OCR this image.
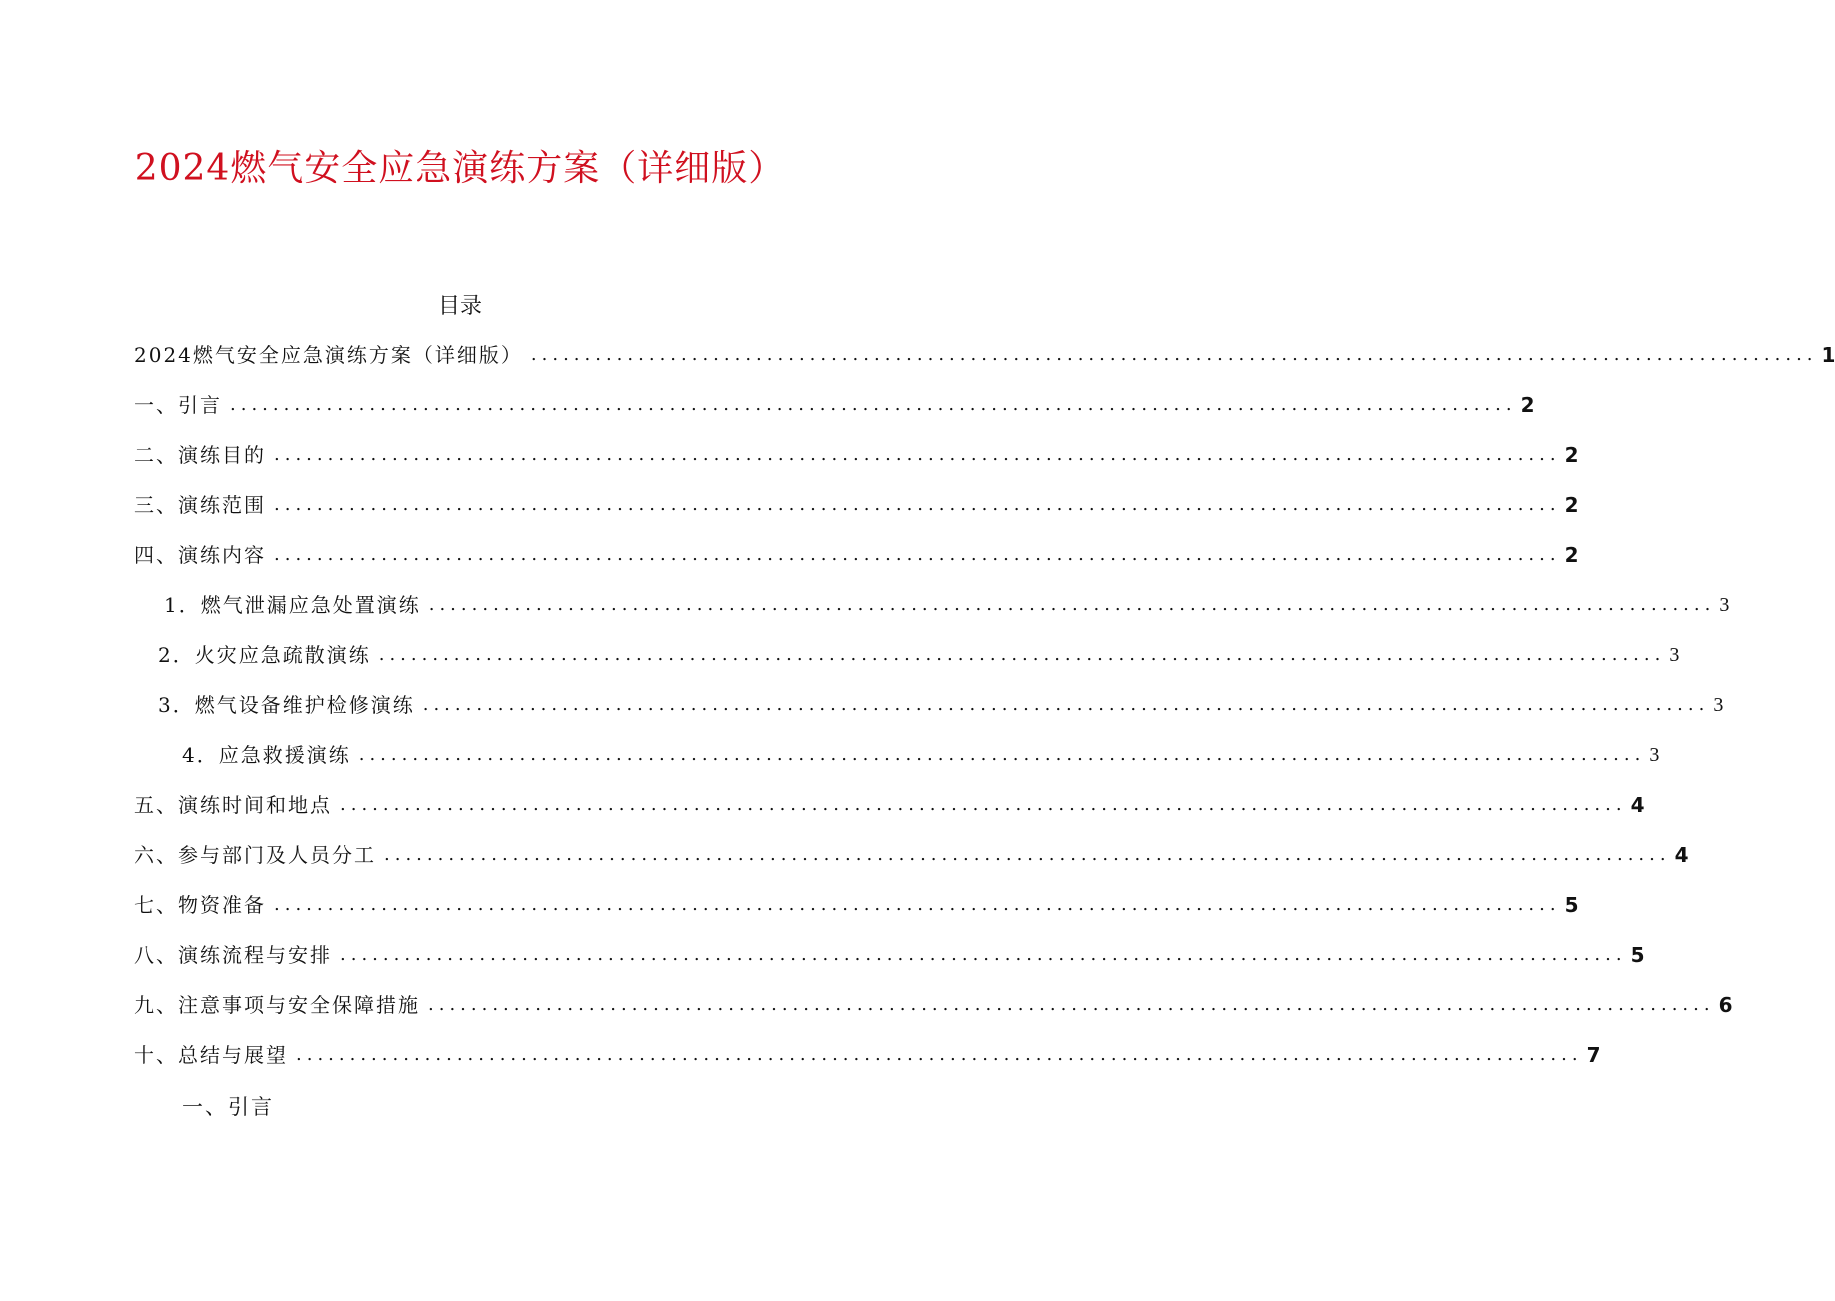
2024燃气安全应急演练方案（详细版）
目录
2024燃气安全应急演练方案（详细版） ........................................................................................................................ 1
一、引言 ........................................................................................................................ 2
二、演练目的 ........................................................................................................................ 2
三、演练范围 ........................................................................................................................ 2
四、演练内容 ........................................................................................................................ 2
1．燃气泄漏应急处置演练 ........................................................................................................................ 3
2．火灾应急疏散演练 ........................................................................................................................ 3
3．燃气设备维护检修演练 ........................................................................................................................ 3
4．应急救援演练 ........................................................................................................................ 3
五、演练时间和地点 ........................................................................................................................ 4
六、参与部门及人员分工 ........................................................................................................................ 4
七、物资准备 ........................................................................................................................ 5
八、演练流程与安排 ........................................................................................................................ 5
九、注意事项与安全保障措施 ........................................................................................................................ 6
十、总结与展望 ........................................................................................................................ 7
一、引言
